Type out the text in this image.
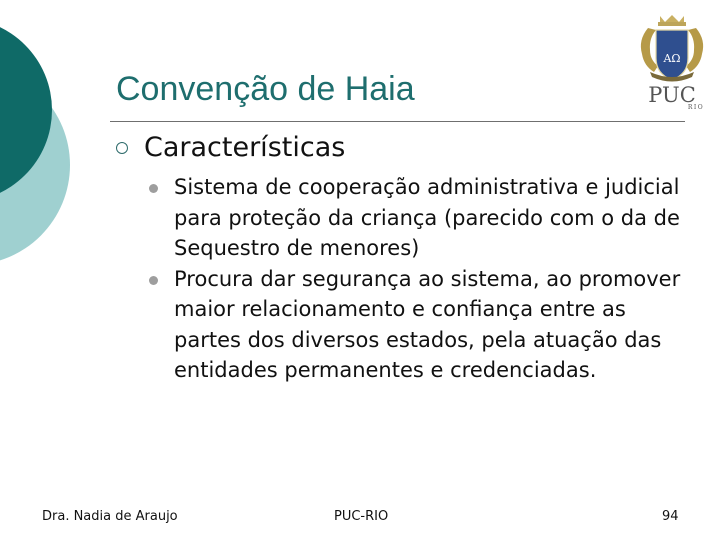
Convenção de Haia
ΑΩ
PUC
RIO
Características
Sistema de cooperação administrativa e judicial para proteção da criança (parecido com o da de Sequestro de menores)
Procura dar segurança ao sistema, ao promover maior relacionamento e confiança entre as partes dos diversos estados, pela atuação das entidades permanentes e credenciadas.
Dra. Nadia de Araujo	PUC-RIO	94
